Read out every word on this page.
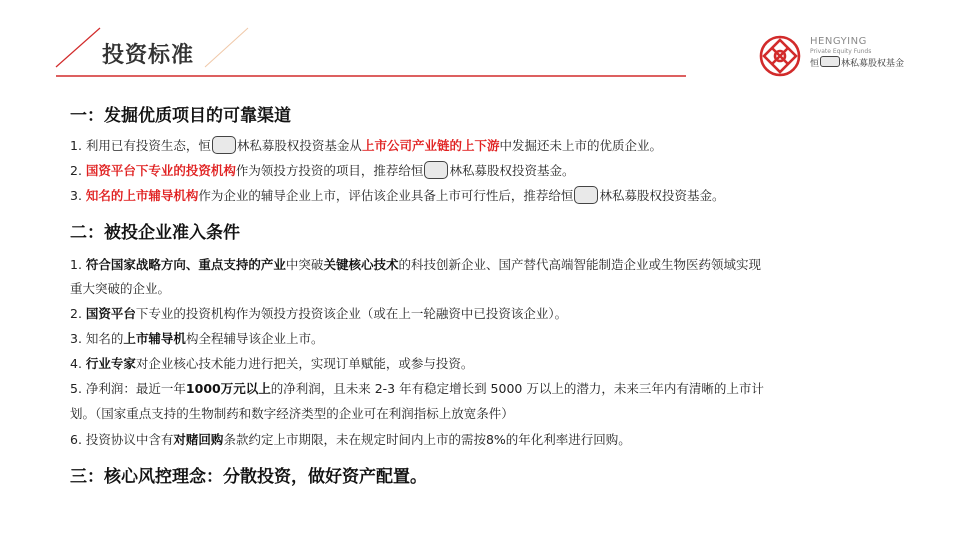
投资标准
HENGYING
Private Equity Funds
恒 林私募股权基金
一：发掘优质项目的可靠渠道
1. 利用已有投资生态，恒 林私募股权投资基金从上市公司产业链的上下游中发掘还未上市的优质企业。
2. 国资平台下专业的投资机构作为领投方投资的项目，推荐给恒 林私募股权投资基金。
3. 知名的上市辅导机构作为企业的辅导企业上市，评估该企业具备上市可行性后，推荐给恒 林私募股权投资基金。
二：被投企业准入条件
1. 符合国家战略方向、重点支持的产业中突破关键核心技术的科技创新企业、国产替代高端智能制造企业或生物医药领域实现
重大突破的企业。
2. 国资平台下专业的投资机构作为领投方投资该企业（或在上一轮融资中已投资该企业）。
3. 知名的上市辅导机构全程辅导该企业上市。
4. 行业专家对企业核心技术能力进行把关，实现订单赋能，或参与投资。
5. 净利润：最近一年1000万元以上的净利润，且未来 2-3 年有稳定增长到 5000 万以上的潜力，未来三年内有清晰的上市计
划。（国家重点支持的生物制药和数字经济类型的企业可在利润指标上放宽条件）
6. 投资协议中含有对赌回购条款约定上市期限，未在规定时间内上市的需按8%的年化利率进行回购。
三：核心风控理念：分散投资，做好资产配置。
